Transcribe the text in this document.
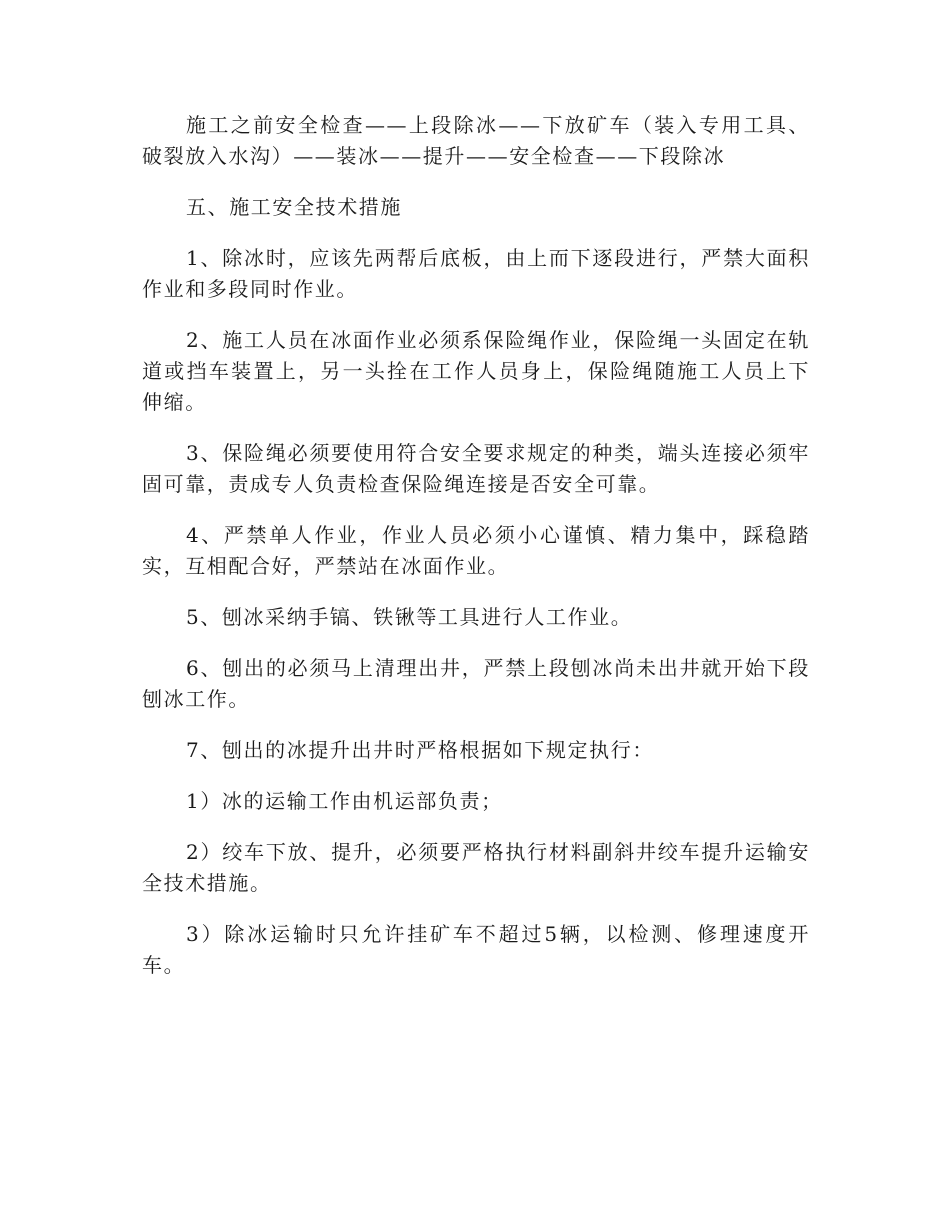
施工之前安全检查——上段除冰——下放矿车（装入专用工具、破裂放入水沟）——装冰——提升——安全检查——下段除冰

五、施工安全技术措施

1、除冰时，应该先两帮后底板，由上而下逐段进行，严禁大面积作业和多段同时作业。

2、施工人员在冰面作业必须系保险绳作业，保险绳一头固定在轨道或挡车装置上，另一头拴在工作人员身上，保险绳随施工人员上下伸缩。

3、保险绳必须要使用符合安全要求规定的种类，端头连接必须牢固可靠，责成专人负责检查保险绳连接是否安全可靠。

4、严禁单人作业，作业人员必须小心谨慎、精力集中，踩稳踏实，互相配合好，严禁站在冰面作业。

5、刨冰采纳手镐、铁锹等工具进行人工作业。

6、刨出的必须马上清理出井，严禁上段刨冰尚未出井就开始下段刨冰工作。

7、刨出的冰提升出井时严格根据如下规定执行：

1）冰的运输工作由机运部负责；

2）绞车下放、提升，必须要严格执行材料副斜井绞车提升运输安全技术措施。

3）除冰运输时只允许挂矿车不超过5辆，以检测、修理速度开车。
